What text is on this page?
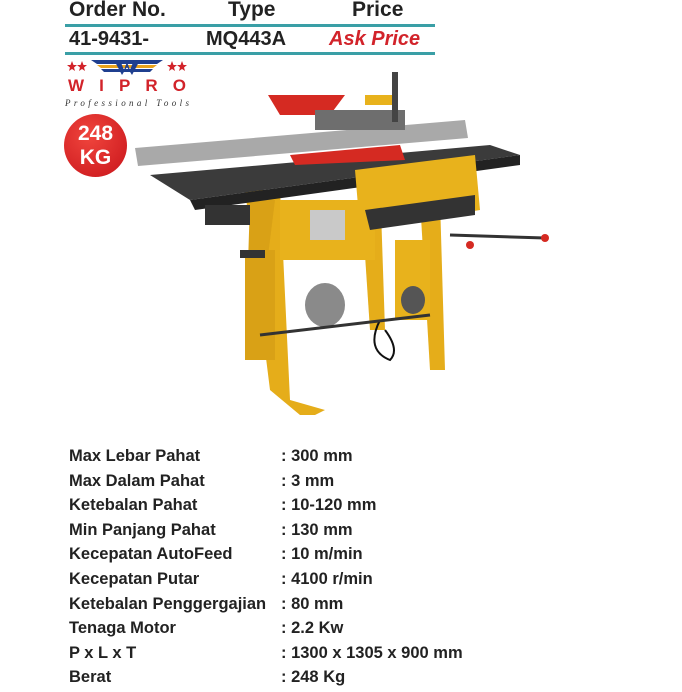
Order No.	Type	Price
41-9431-	MQ443A Ask Price
WIPRO
Professional Tools
248
KG
Max Lebar Pahat	: 300 mm
Max Dalam Pahat	: 3 mm
Ketebalan Pahat	: 10-120 mm
Min Panjang Pahat	: 130 mm
Kecepatan AutoFeed	: 10 m/min
Kecepatan Putar	: 4100 r/min
Ketebalan Penggergajian : 80 mm
Tenaga Motor	: 2.2 Kw
P x L x T	: 1300 x 1305 x 900 mm
Berat	: 248 Kg
